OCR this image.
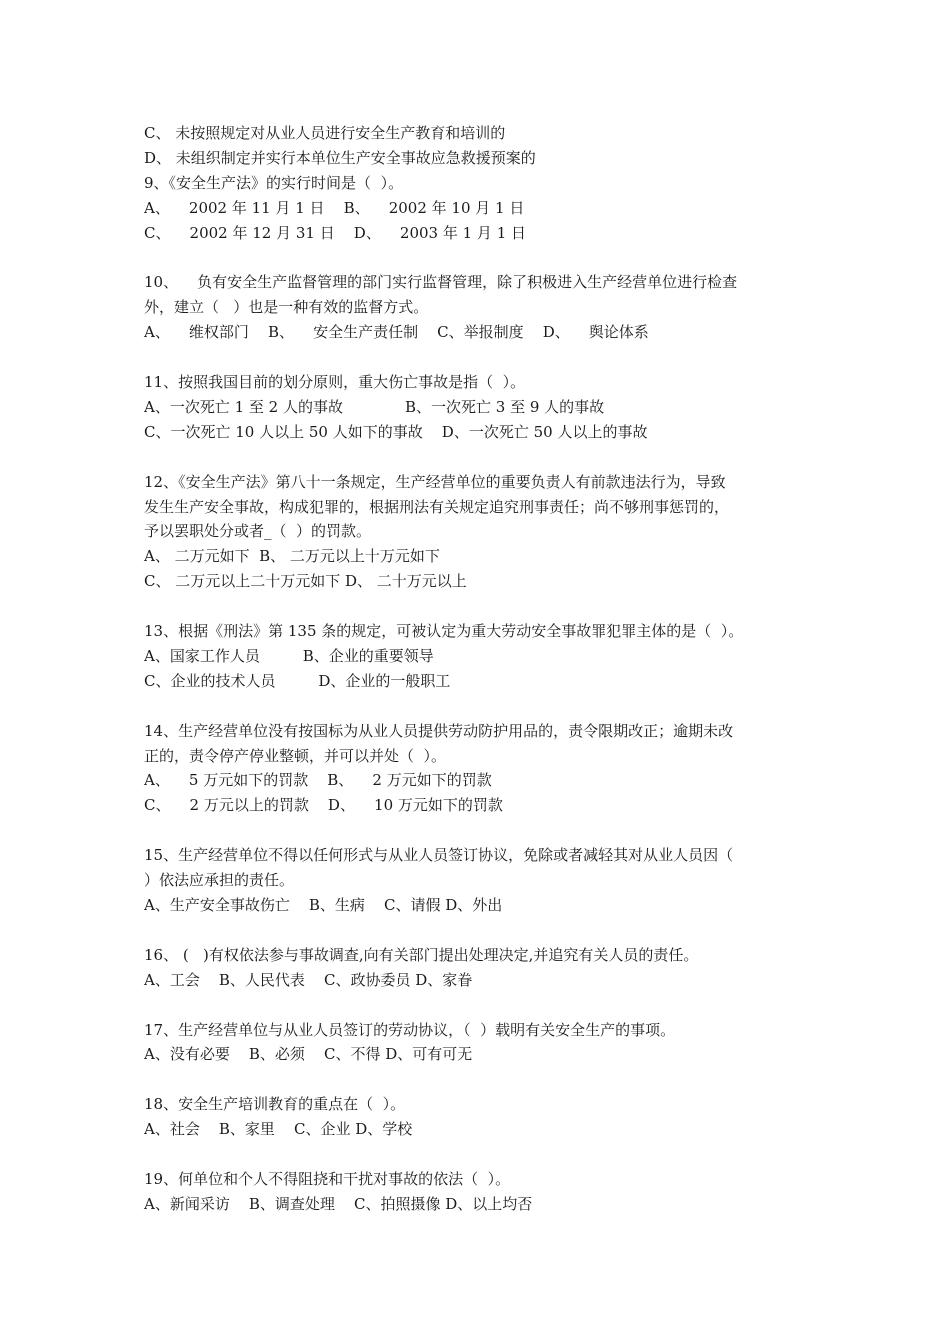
C、 未按照规定对从业人员进行安全生产教育和培训的

D、 未组织制定并实行本单位生产安全事故应急救援预案的

9、《安全生产法》的实行时间是（  ）。

A、    2002 年 11 月 1 日    B、    2002 年 10 月 1 日

C、    2002 年 12 月 31 日    D、    2003 年 1 月 1 日

10、    负有安全生产监督管理的部门实行监督管理，除了积极进入生产经营单位进行检查

外，建立（   ）也是一种有效的监督方式。

A、    维权部门    B、    安全生产责任制    C、举报制度    D、    舆论体系

11、按照我国目前的划分原则，重大伤亡事故是指（  ）。

A、一次死亡 1 至 2 人的事故             B、一次死亡 3 至 9 人的事故

C、一次死亡 10 人以上 50 人如下的事故    D、一次死亡 50 人以上的事故

12、《安全生产法》第八十一条规定，生产经营单位的重要负责人有前款违法行为，导致

发生生产安全事故，构成犯罪的，根据刑法有关规定追究刑事责任；尚不够刑事惩罚的，

予以罢职处分或者_（  ）的罚款。

A、 二万元如下  B、 二万元以上十万元如下

C、 二万元以上二十万元如下 D、 二十万元以上

13、根据《刑法》第 135 条的规定，可被认定为重大劳动安全事故罪犯罪主体的是（  ）。

A、国家工作人员         B、企业的重要领导

C、企业的技术人员         D、企业的一般职工

14、生产经营单位没有按国标为从业人员提供劳动防护用品的，责令限期改正；逾期未改

正的，责令停产停业整顿，并可以并处（  ）。

A、    5 万元如下的罚款    B、    2 万元如下的罚款

C、    2 万元以上的罚款    D、    10 万元如下的罚款

15、生产经营单位不得以任何形式与从业人员签订协议，免除或者减轻其对从业人员因（

）依法应承担的责任。

A、生产安全事故伤亡    B、生病    C、请假 D、外出

16、 (   )有权依法参与事故调查,向有关部门提出处理决定,并追究有关人员的责任。

A、工会    B、人民代表    C、政协委员 D、家眷

17、生产经营单位与从业人员签订的劳动协议，（  ）载明有关安全生产的事项。

A、没有必要    B、必须    C、不得 D、可有可无

18、安全生产培训教育的重点在（  ）。

A、社会    B、家里    C、企业 D、学校

19、何单位和个人不得阻挠和干扰对事故的依法（  ）。

A、新闻采访    B、调查处理    C、拍照摄像 D、以上均否
